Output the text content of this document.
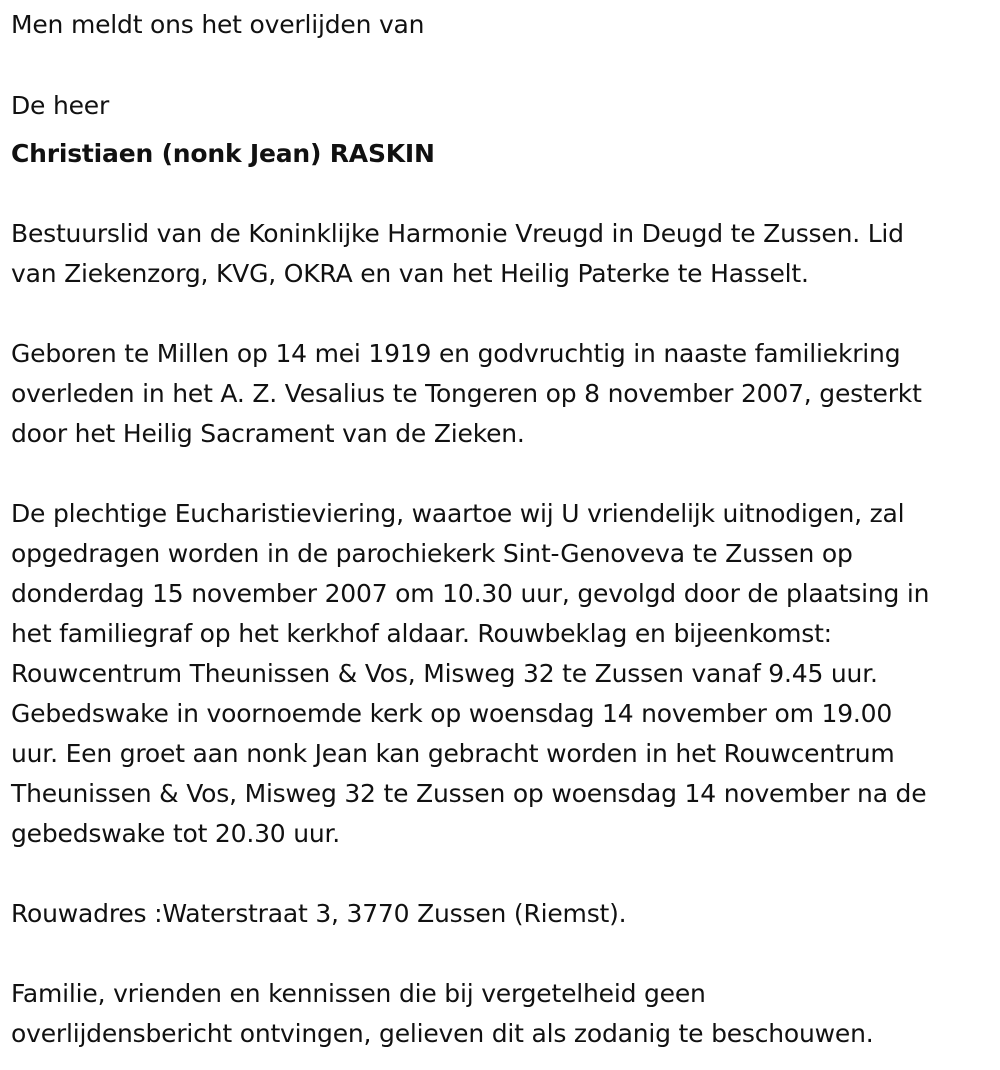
Men meldt ons het overlijden van
De heer
Christiaen (nonk Jean) RASKIN
Bestuurslid van de Koninklijke Harmonie Vreugd in Deugd te Zussen. Lid
van Ziekenzorg, KVG, OKRA en van het Heilig Paterke te Hasselt.
Geboren te Millen op 14 mei 1919 en godvruchtig in naaste familiekring
overleden in het A. Z. Vesalius te Tongeren op 8 november 2007, gesterkt
door het Heilig Sacrament van de Zieken.
De plechtige Eucharistieviering, waartoe wij U vriendelijk uitnodigen, zal
opgedragen worden in de parochiekerk Sint-Genoveva te Zussen op
donderdag 15 november 2007 om 10.30 uur, gevolgd door de plaatsing in
het familiegraf op het kerkhof aldaar. Rouwbeklag en bijeenkomst:
Rouwcentrum Theunissen & Vos, Misweg 32 te Zussen vanaf 9.45 uur.
Gebedswake in voornoemde kerk op woensdag 14 november om 19.00
uur. Een groet aan nonk Jean kan gebracht worden in het Rouwcentrum
Theunissen & Vos, Misweg 32 te Zussen op woensdag 14 november na de
gebedswake tot 20.30 uur.
Rouwadres :Waterstraat 3, 3770 Zussen (Riemst).
Familie, vrienden en kennissen die bij vergetelheid geen
overlijdensbericht ontvingen, gelieven dit als zodanig te beschouwen.
